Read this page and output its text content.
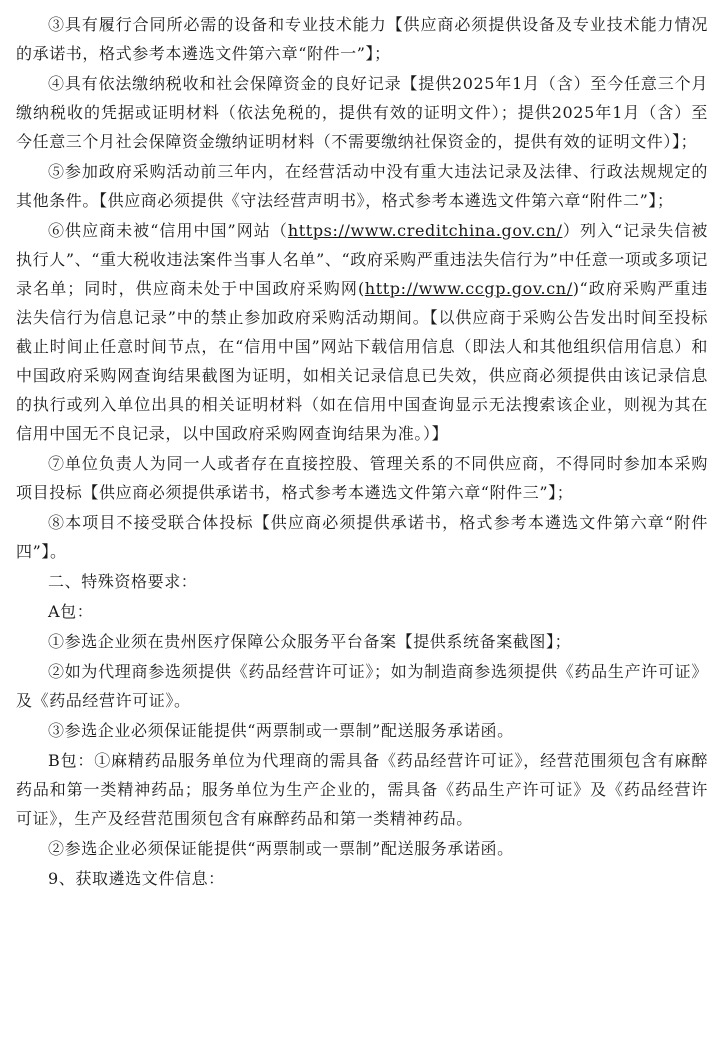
③具有履行合同所必需的设备和专业技术能力【供应商必须提供设备及专业技术能力情况的承诺书，格式参考本遴选文件第六章“附件一”】；

④具有依法缴纳税收和社会保障资金的良好记录【提供2025年1月（含）至今任意三个月缴纳税收的凭据或证明材料（依法免税的，提供有效的证明文件）；提供2025年1月（含）至今任意三个月社会保障资金缴纳证明材料（不需要缴纳社保资金的，提供有效的证明文件）】；

⑤参加政府采购活动前三年内，在经营活动中没有重大违法记录及法律、行政法规规定的其他条件。【供应商必须提供《守法经营声明书》，格式参考本遴选文件第六章“附件二”】；

⑥供应商未被“信用中国”网站（https://www.creditchina.gov.cn/）列入“记录失信被执行人”、“重大税收违法案件当事人名单”、“政府采购严重违法失信行为”中任意一项或多项记录名单；同时，供应商未处于中国政府采购网(http://www.ccgp.gov.cn/)“政府采购严重违法失信行为信息记录”中的禁止参加政府采购活动期间。【以供应商于采购公告发出时间至投标截止时间止任意时间节点，在“信用中国”网站下载信用信息（即法人和其他组织信用信息）和中国政府采购网查询结果截图为证明，如相关记录信息已失效，供应商必须提供由该记录信息的执行或列入单位出具的相关证明材料（如在信用中国查询显示无法搜索该企业，则视为其在信用中国无不良记录，以中国政府采购网查询结果为准。）】

⑦单位负责人为同一人或者存在直接控股、管理关系的不同供应商，不得同时参加本采购项目投标【供应商必须提供承诺书，格式参考本遴选文件第六章“附件三”】；

⑧本项目不接受联合体投标【供应商必须提供承诺书，格式参考本遴选文件第六章“附件四”】。

二、特殊资格要求：

A包：

①参选企业须在贵州医疗保障公众服务平台备案【提供系统备案截图】；

②如为代理商参选须提供《药品经营许可证》；如为制造商参选须提供《药品生产许可证》及《药品经营许可证》。

③参选企业必须保证能提供“两票制或一票制”配送服务承诺函。

B包：①麻精药品服务单位为代理商的需具备《药品经营许可证》，经营范围须包含有麻醉药品和第一类精神药品；服务单位为生产企业的，需具备《药品生产许可证》及《药品经营许可证》，生产及经营范围须包含有麻醉药品和第一类精神药品。

②参选企业必须保证能提供“两票制或一票制”配送服务承诺函。

9、获取遴选文件信息：
